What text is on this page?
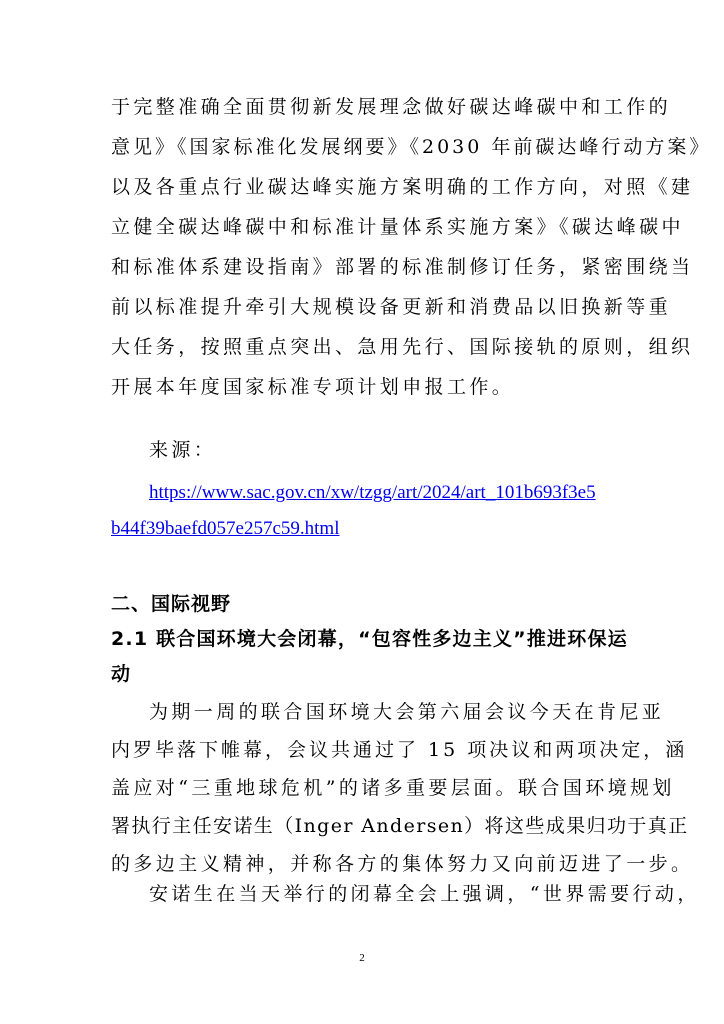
于完整准确全面贯彻新发展理念做好碳达峰碳中和工作的
意见》《国家标准化发展纲要》《2030 年前碳达峰行动方案》
以及各重点行业碳达峰实施方案明确的工作方向，对照《建
立健全碳达峰碳中和标准计量体系实施方案》《碳达峰碳中
和标准体系建设指南》部署的标准制修订任务，紧密围绕当
前以标准提升牵引大规模设备更新和消费品以旧换新等重
大任务，按照重点突出、急用先行、国际接轨的原则，组织
开展本年度国家标准专项计划申报工作。
来源：
https://www.sac.gov.cn/xw/tzgg/art/2024/art_101b693f3e5
b44f39baefd057e257c59.html
二、国际视野
2.1 联合国环境大会闭幕，“包容性多边主义”推进环保运
动
为期一周的联合国环境大会第六届会议今天在肯尼亚
内罗毕落下帷幕，会议共通过了 15 项决议和两项决定，涵
盖应对“三重地球危机”的诸多重要层面。联合国环境规划
署执行主任安诺生（Inger Andersen）将这些成果归功于真正
的多边主义精神，并称各方的集体努力又向前迈进了一步。
安诺生在当天举行的闭幕全会上强调，“世界需要行动，
2
